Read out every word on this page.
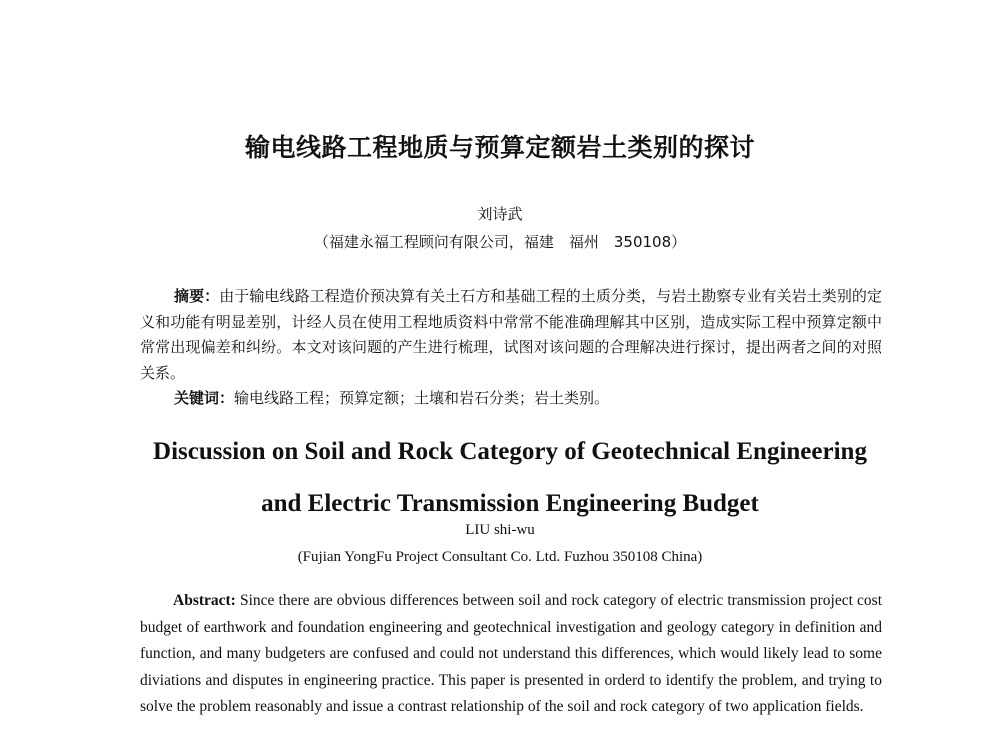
输电线路工程地质与预算定额岩土类别的探讨
刘诗武
（福建永福工程顾问有限公司，福建　福州　350108）
摘要：由于输电线路工程造价预决算有关土石方和基础工程的土质分类，与岩土勘察专业有关岩土类别的定义和功能有明显差别，计经人员在使用工程地质资料中常常不能准确理解其中区别，造成实际工程中预算定额中常常出现偏差和纠纷。本文对该问题的产生进行梳理，试图对该问题的合理解决进行探讨，提出两者之间的对照关系。
关键词：输电线路工程；预算定额；土壤和岩石分类；岩土类别。
Discussion on Soil and Rock Category of Geotechnical Engineering and Electric Transmission Engineering Budget
LIU shi-wu
(Fujian YongFu Project Consultant Co. Ltd. Fuzhou 350108 China)
Abstract: Since there are obvious differences between soil and rock category of electric transmission project cost budget of earthwork and foundation engineering and geotechnical investigation and geology category in definition and function, and many budgeters are confused and could not understand this differences, which would likely lead to some diviations and disputes in engineering practice. This paper is presented in orderd to identify the problem, and trying to solve the problem reasonably and issue a contrast relationship of the soil and rock category of two application fields.
